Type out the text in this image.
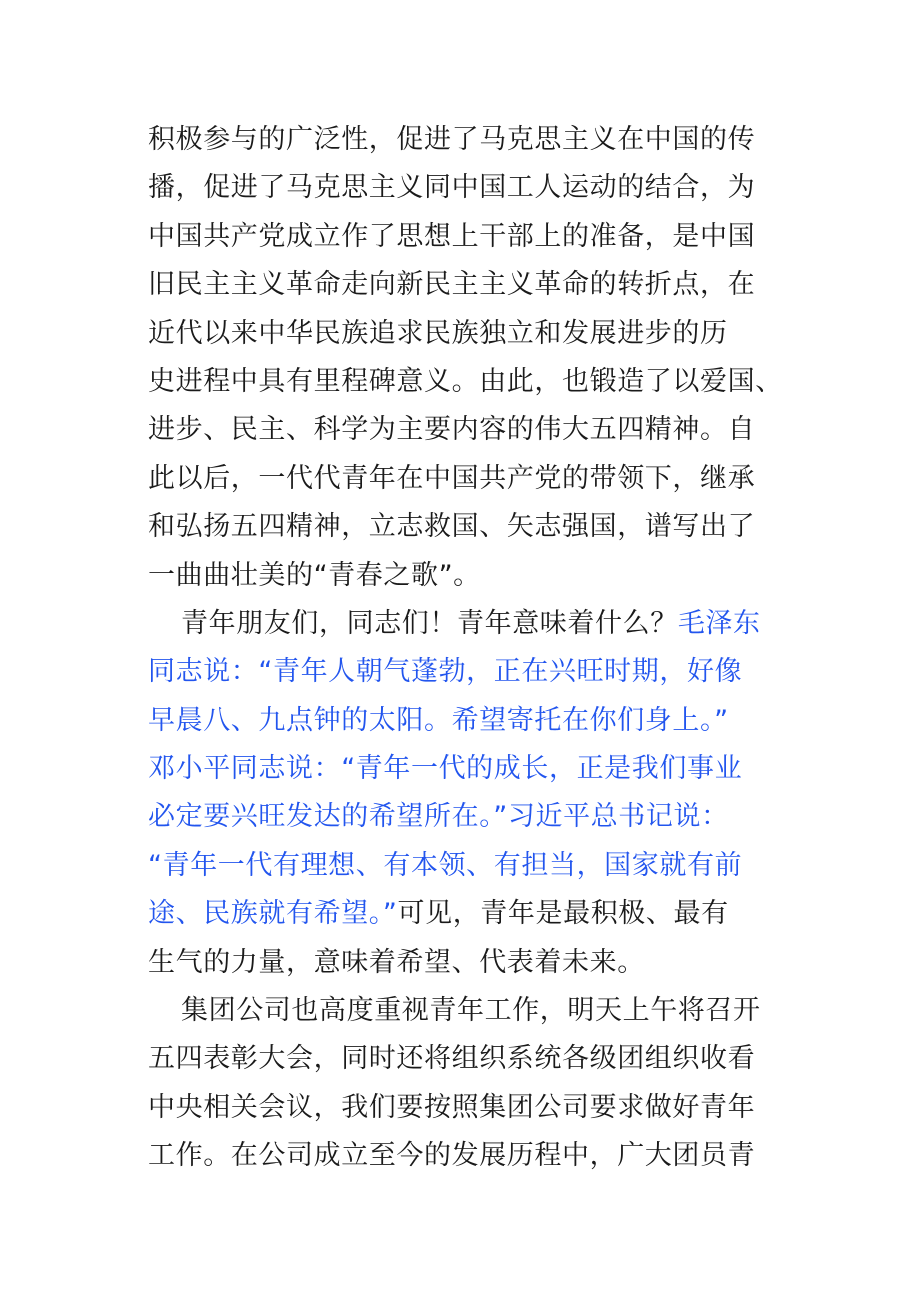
积极参与的广泛性，促进了马克思主义在中国的传
播，促进了马克思主义同中国工人运动的结合，为
中国共产党成立作了思想上干部上的准备，是中国
旧民主主义革命走向新民主主义革命的转折点，在
近代以来中华民族追求民族独立和发展进步的历
史进程中具有里程碑意义。由此，也锻造了以爱国、
进步、民主、科学为主要内容的伟大五四精神。自
此以后，一代代青年在中国共产党的带领下，继承
和弘扬五四精神，立志救国、矢志强国，谱写出了
一曲曲壮美的“青春之歌”。
青年朋友们，同志们！青年意味着什么？毛泽东
同志说：“青年人朝气蓬勃，正在兴旺时期，好像
早晨八、九点钟的太阳。希望寄托在你们身上。”
邓小平同志说：“青年一代的成长，正是我们事业
必定要兴旺发达的希望所在。”习近平总书记说：
“青年一代有理想、有本领、有担当，国家就有前
途、民族就有希望。”可见，青年是最积极、最有
生气的力量，意味着希望、代表着未来。
集团公司也高度重视青年工作，明天上午将召开
五四表彰大会，同时还将组织系统各级团组织收看
中央相关会议，我们要按照集团公司要求做好青年
工作。在公司成立至今的发展历程中，广大团员青
